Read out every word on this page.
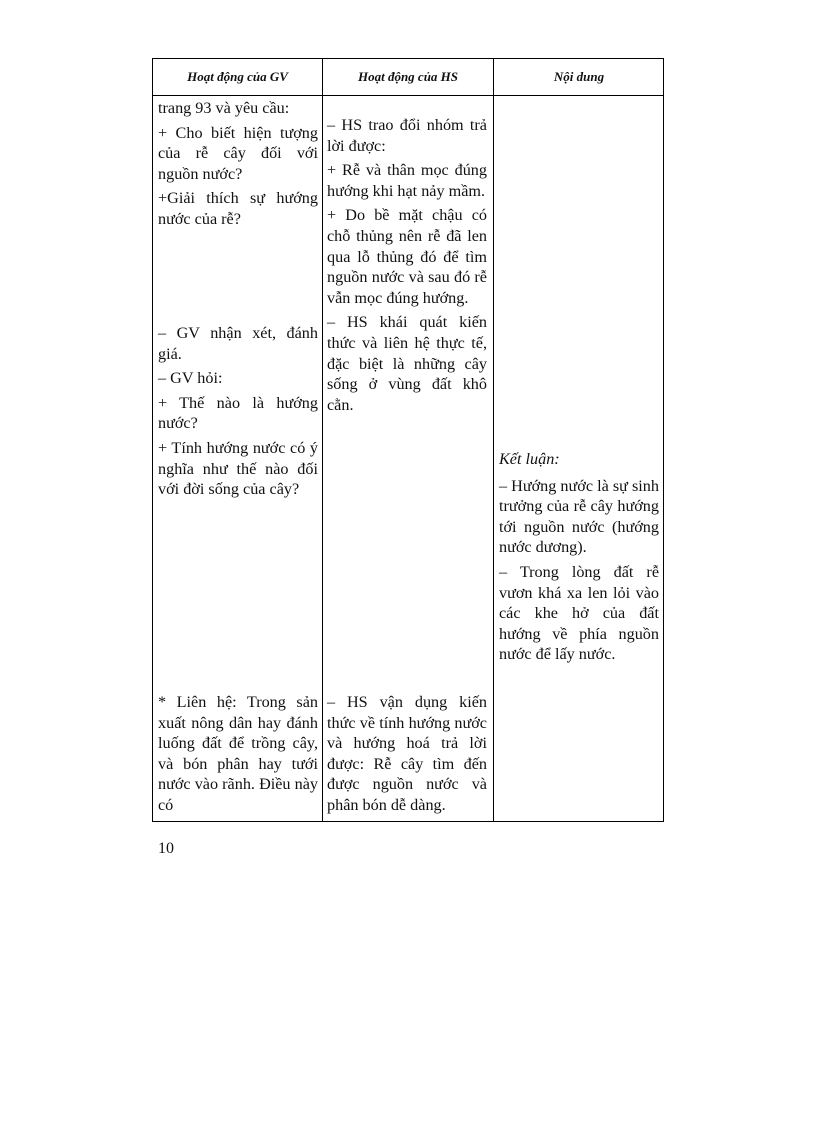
Hoạt động của GV	Hoạt động của HS	Nội dung

trang 93 và yêu cầu:

+ Cho biết hiện tượng của rễ cây đối với nguồn nước?

+Giải thích sự hướng nước của rễ?

– GV nhận xét, đánh giá.

– GV hỏi:

+ Thế nào là hướng nước?

+ Tính hướng nước có ý nghĩa như thế nào đối với đời sống của cây?

* Liên hệ: Trong sản xuất nông dân hay đánh luống đất để trồng cây, và bón phân hay tưới nước vào rãnh. Điều này có

– HS trao đổi nhóm trả lời được:

+ Rễ và thân mọc đúng hướng khi hạt nảy mầm.

+ Do bề mặt chậu có chỗ thủng nên rễ đã len qua lỗ thủng đó để tìm nguồn nước và sau đó rễ vẫn mọc đúng hướng.

– HS khái quát kiến thức và liên hệ thực tế, đặc biệt là những cây sống ở vùng đất khô cằn.

– HS vận dụng kiến thức về tính hướng nước và hướng hoá trả lời được: Rễ cây tìm đến được nguồn nước và phân bón dễ dàng.

Kết luận:

– Hướng nước là sự sinh trưởng của rễ cây hướng tới nguồn nước (hướng nước dương).

– Trong lòng đất rễ vươn khá xa len lỏi vào các khe hở của đất hướng về phía nguồn nước để lấy nước.

10
